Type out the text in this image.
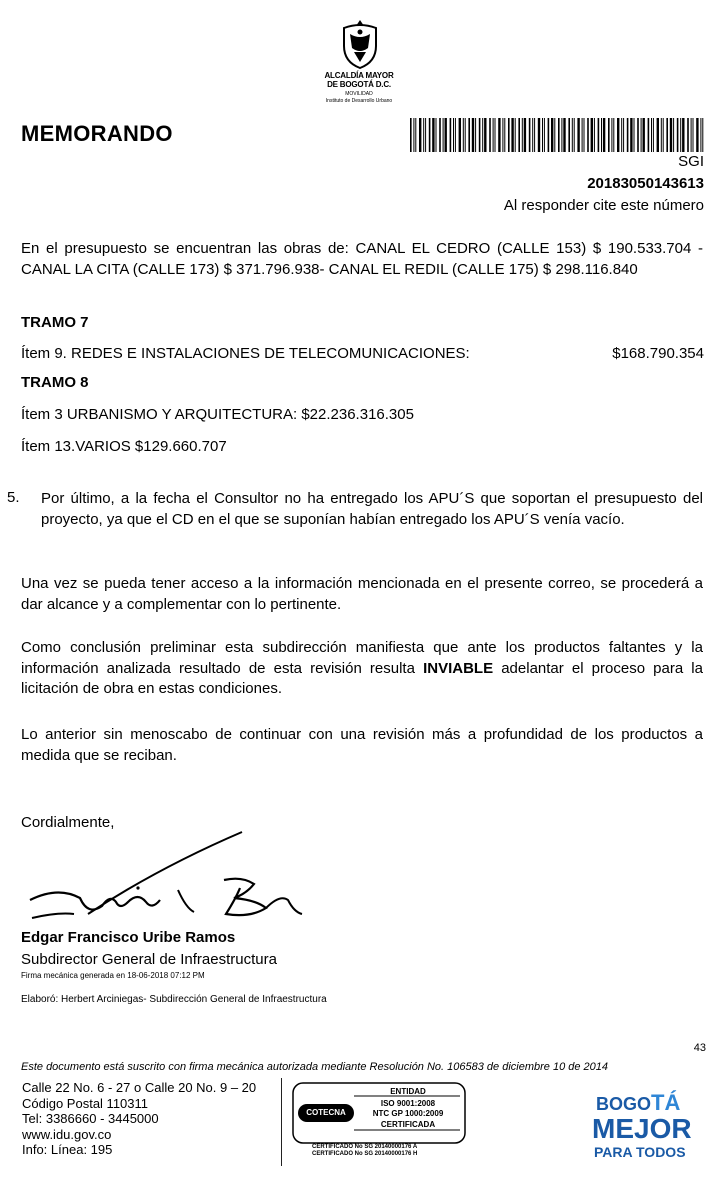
ALCALDÍA MAYOR
DE BOGOTÁ D.C.
MOVILIDAD
Instituto de Desarrollo Urbano
MEMORANDO
SGI
20183050143613
Al responder cite este número
En el presupuesto se encuentran las obras de: CANAL EL CEDRO (CALLE 153) $ 190.533.704 -CANAL LA CITA (CALLE 173) $ 371.796.938- CANAL EL REDIL (CALLE 175) $ 298.116.840
TRAMO 7
Ítem 9. REDES E INSTALACIONES DE TELECOMUNICACIONES:	$168.790.354
TRAMO 8
Ítem 3 URBANISMO Y ARQUITECTURA: $22.236.316.305
Ítem 13.VARIOS $129.660.707
5. Por último, a la fecha el Consultor no ha entregado los APU´S que soportan el presupuesto del proyecto, ya que el CD en el que se suponían habían entregado los APU´S venía vacío.
Una vez se pueda tener acceso a la información mencionada en el presente correo, se procederá a dar alcance y a complementar con lo pertinente.
Como conclusión preliminar esta subdirección manifiesta que ante los productos faltantes y la información analizada resultado de esta revisión resulta INVIABLE adelantar el proceso para la licitación de obra en estas condiciones.
Lo anterior sin menoscabo de continuar con una revisión más a profundidad de los productos a medida que se reciban.
Cordialmente,
Edgar Francisco Uribe Ramos
Subdirector General de Infraestructura
Firma mecánica generada en 18-06-2018 07:12 PM
Elaboró: Herbert Arciniegas- Subdirección General de Infraestructura
43
Este documento está suscrito con firma mecánica autorizada mediante Resolución No. 106583 de diciembre 10 de 2014
Calle 22 No. 6 - 27 o Calle 20 No. 9 – 20
Código Postal 110311
Tel: 3386660 - 3445000
www.idu.gov.co
Info: Línea: 195
COTECNA
ENTIDAD
ISO 9001:2008
NTC GP 1000:2009
CERTIFICADA
CERTIFICADO No SG 20140000176 A
CERTIFICADO No SG 20140000176 H
BOGOTÁ
MEJOR
PARA TODOS
